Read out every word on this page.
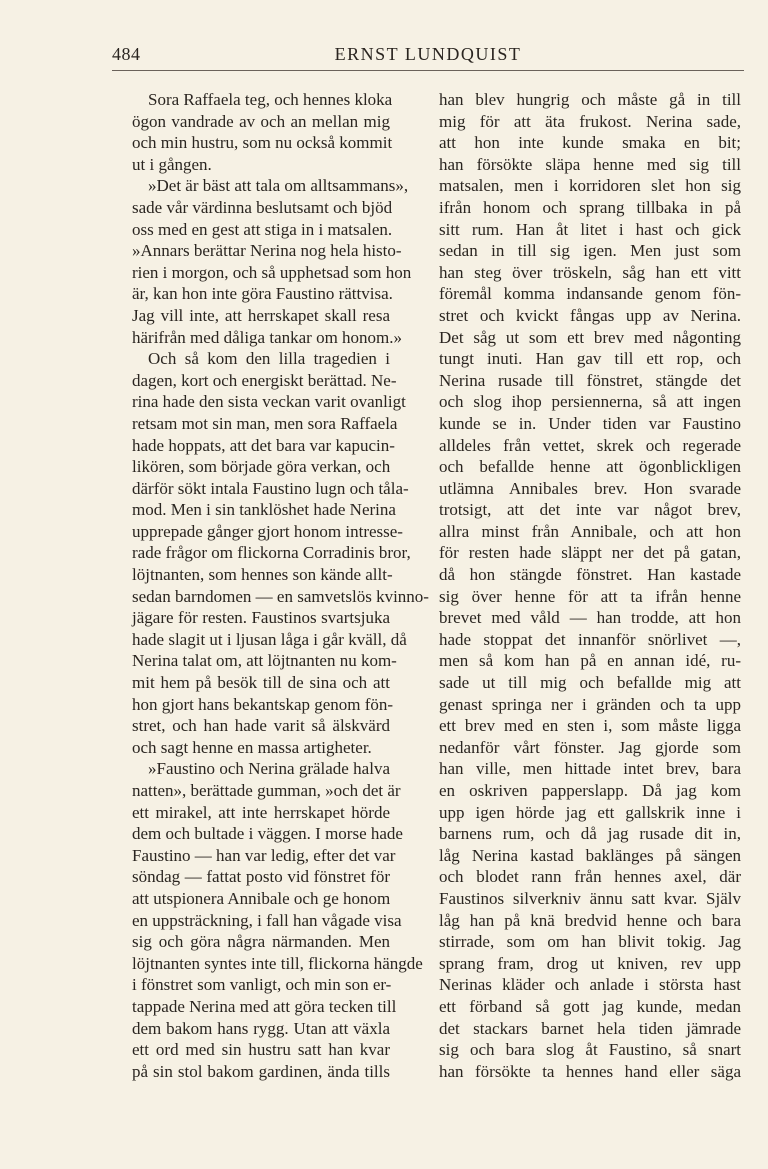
484	ERNST LUNDQUIST
Sora Raffaela teg, och hennes kloka
ögon vandrade av och an mellan mig
och min hustru, som nu också kommit
ut i gången.
»Det är bäst att tala om alltsammans»,
sade vår värdinna beslutsamt och bjöd
oss med en gest att stiga in i matsalen.
»Annars berättar Nerina nog hela histo-
rien i morgon, och så upphetsad som hon
är, kan hon inte göra Faustino rättvisa.
Jag vill inte, att herrskapet skall resa
härifrån med dåliga tankar om honom.»
Och så kom den lilla tragedien i
dagen, kort och energiskt berättad. Ne-
rina hade den sista veckan varit ovanligt
retsam mot sin man, men sora Raffaela
hade hoppats, att det bara var kapucin-
likören, som började göra verkan, och
därför sökt intala Faustino lugn och tåla-
mod. Men i sin tanklöshet hade Nerina
upprepade gånger gjort honom intresse-
rade frågor om flickorna Corradinis bror,
löjtnanten, som hennes son kände allt-
sedan barndomen — en samvetslös kvinno-
jägare för resten. Faustinos svartsjuka
hade slagit ut i ljusan låga i går kväll, då
Nerina talat om, att löjtnanten nu kom-
mit hem på besök till de sina och att
hon gjort hans bekantskap genom fön-
stret, och han hade varit så älskvärd
och sagt henne en massa artigheter.
»Faustino och Nerina grälade halva
natten», berättade gumman, »och det är
ett mirakel, att inte herrskapet hörde
dem och bultade i väggen. I morse hade
Faustino — han var ledig, efter det var
söndag — fattat posto vid fönstret för
att utspionera Annibale och ge honom
en uppsträckning, i fall han vågade visa
sig och göra några närmanden. Men
löjtnanten syntes inte till, flickorna hängde
i fönstret som vanligt, och min son er-
tappade Nerina med att göra tecken till
dem bakom hans rygg. Utan att växla
ett ord med sin hustru satt han kvar
på sin stol bakom gardinen, ända tills
han blev hungrig och måste gå in till
mig för att äta frukost. Nerina sade,
att hon inte kunde smaka en bit;
han försökte släpa henne med sig till
matsalen, men i korridoren slet hon sig
ifrån honom och sprang tillbaka in på
sitt rum. Han åt litet i hast och gick
sedan in till sig igen. Men just som
han steg över tröskeln, såg han ett vitt
föremål komma indansande genom fön-
stret och kvickt fångas upp av Nerina.
Det såg ut som ett brev med någonting
tungt inuti. Han gav till ett rop, och
Nerina rusade till fönstret, stängde det
och slog ihop persiennerna, så att ingen
kunde se in. Under tiden var Faustino
alldeles från vettet, skrek och regerade
och befallde henne att ögonblickligen
utlämna Annibales brev. Hon svarade
trotsigt, att det inte var något brev,
allra minst från Annibale, och att hon
för resten hade släppt ner det på gatan,
då hon stängde fönstret. Han kastade
sig över henne för att ta ifrån henne
brevet med våld — han trodde, att hon
hade stoppat det innanför snörlivet —,
men så kom han på en annan idé, ru-
sade ut till mig och befallde mig att
genast springa ner i gränden och ta upp
ett brev med en sten i, som måste ligga
nedanför vårt fönster. Jag gjorde som
han ville, men hittade intet brev, bara
en oskriven papperslapp. Då jag kom
upp igen hörde jag ett gallskrik inne i
barnens rum, och då jag rusade dit in,
låg Nerina kastad baklänges på sängen
och blodet rann från hennes axel, där
Faustinos silverkniv ännu satt kvar. Själv
låg han på knä bredvid henne och bara
stirrade, som om han blivit tokig. Jag
sprang fram, drog ut kniven, rev upp
Nerinas kläder och anlade i största hast
ett förband så gott jag kunde, medan
det stackars barnet hela tiden jämrade
sig och bara slog åt Faustino, så snart
han försökte ta hennes hand eller säga
